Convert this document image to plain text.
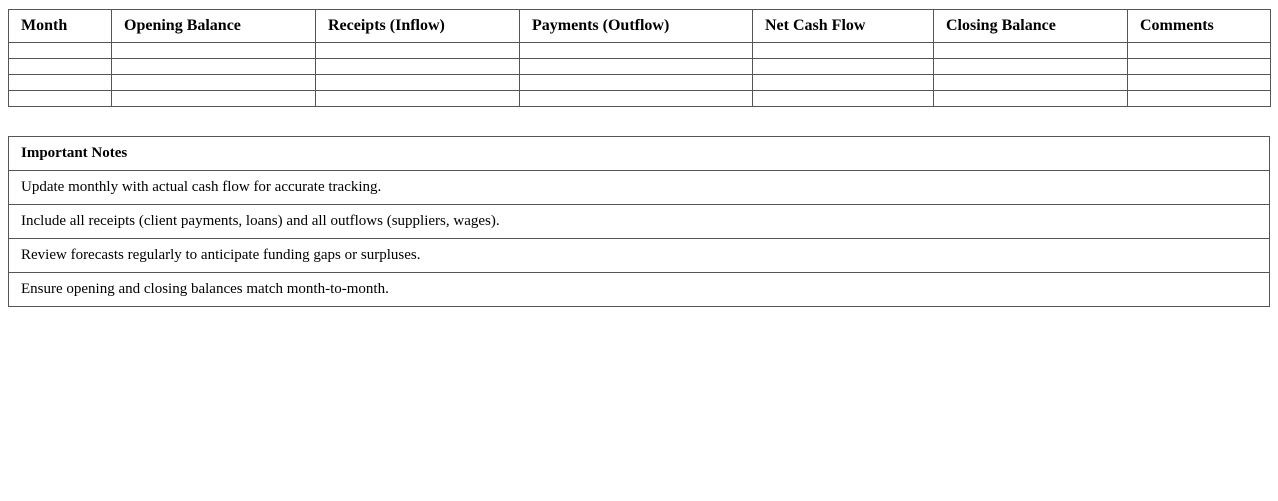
Month	Opening Balance	Receipts (Inflow)	Payments (Outflow)	Net Cash Flow	Closing Balance	Comments

Important Notes
Update monthly with actual cash flow for accurate tracking.
Include all receipts (client payments, loans) and all outflows (suppliers, wages).
Review forecasts regularly to anticipate funding gaps or surpluses.
Ensure opening and closing balances match month-to-month.
